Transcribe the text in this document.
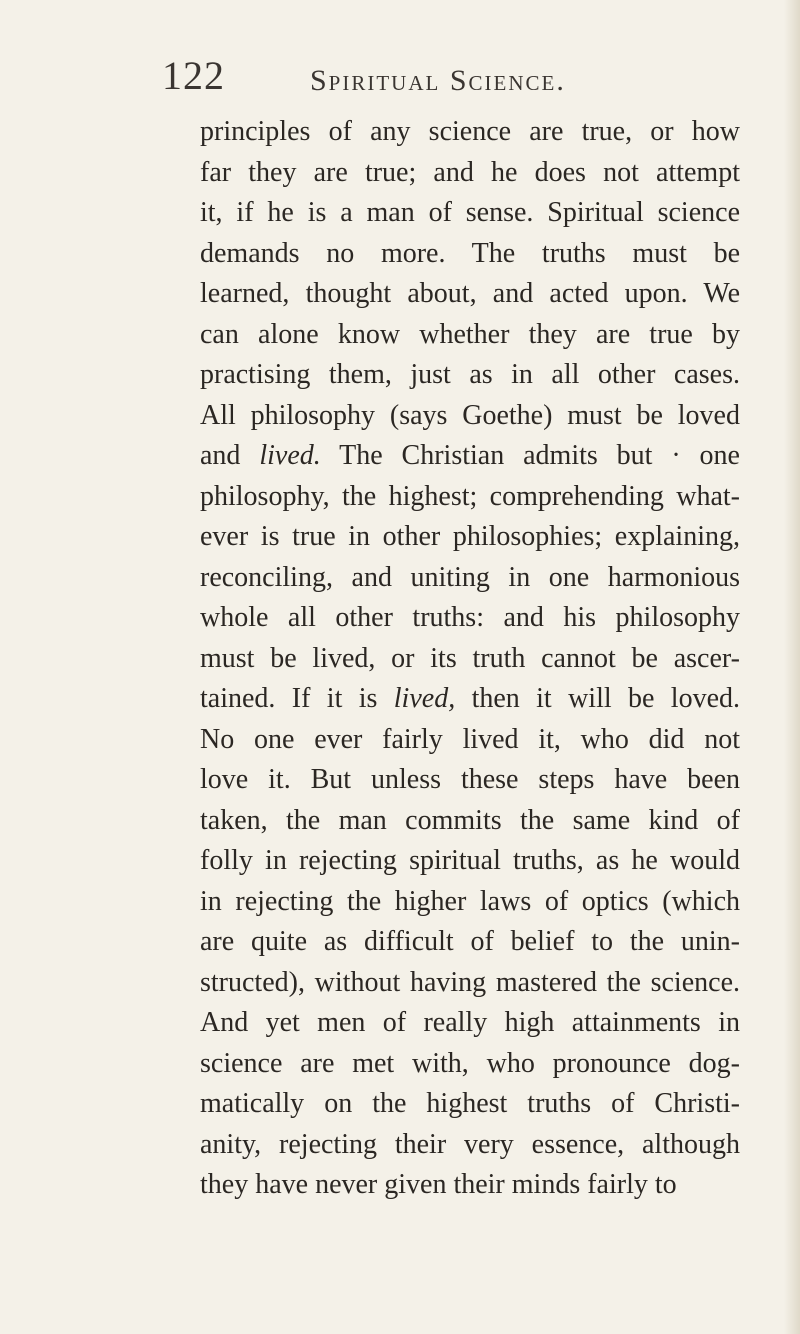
122	Spiritual Science.
principles of any science are true, or how
far they are true; and he does not attempt
it, if he is a man of sense. Spiritual science
demands no more. The truths must be
learned, thought about, and acted upon. We
can alone know whether they are true by
practising them, just as in all other cases.
All philosophy (says Goethe) must be loved
and lived. The Christian admits but · one
philosophy, the highest; comprehending what-
ever is true in other philosophies; explaining,
reconciling, and uniting in one harmonious
whole all other truths: and his philosophy
must be lived, or its truth cannot be ascer-
tained. If it is lived, then it will be loved.
No one ever fairly lived it, who did not
love it. But unless these steps have been
taken, the man commits the same kind of
folly in rejecting spiritual truths, as he would
in rejecting the higher laws of optics (which
are quite as difficult of belief to the unin-
structed), without having mastered the science.
And yet men of really high attainments in
science are met with, who pronounce dog-
matically on the highest truths of Christi-
anity, rejecting their very essence, although
they have never given their minds fairly to
